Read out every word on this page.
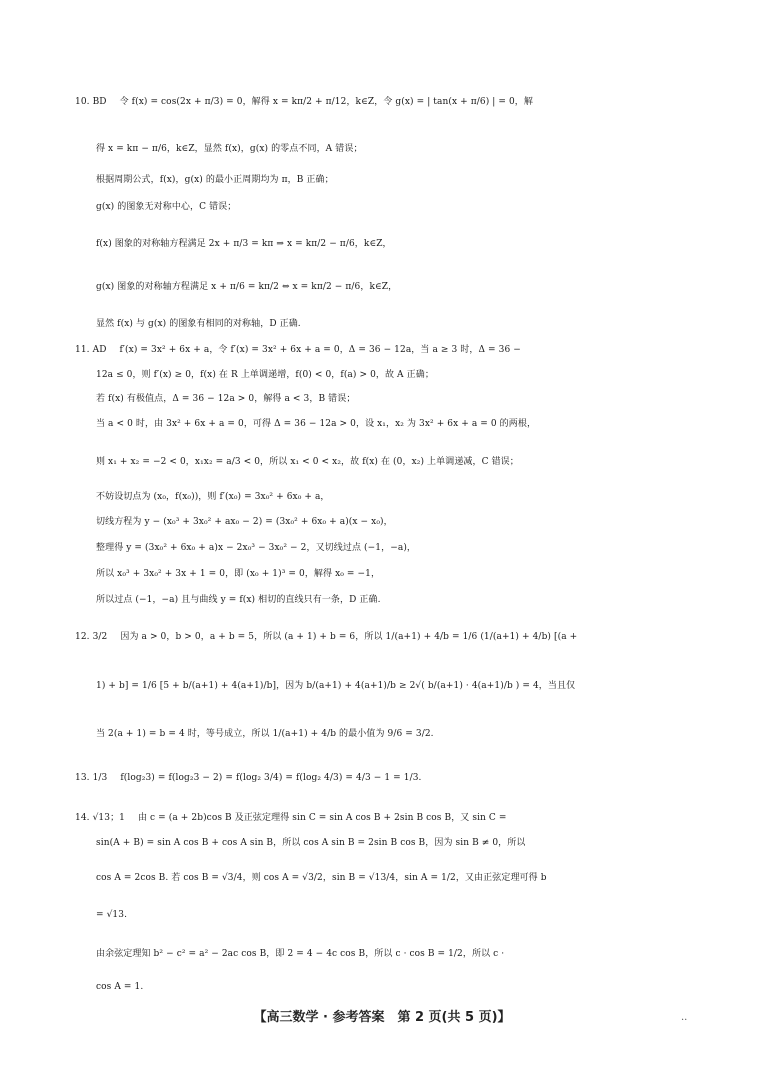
10. BD 令 f(x) = cos(2x + π/3) = 0，解得 x = kπ/2 + π/12，k∈Z，令 g(x) = | tan(x + π/6) | = 0，解
得 x = kπ − π/6，k∈Z，显然 f(x)，g(x) 的零点不同，A 错误；
根据周期公式，f(x)，g(x) 的最小正周期均为 π，B 正确；
g(x) 的图象无对称中心，C 错误；
f(x) 图象的对称轴方程满足 2x + π/3 = kπ ⇒ x = kπ/2 − π/6，k∈Z，
g(x) 图象的对称轴方程满足 x + π/6 = kπ/2 ⇔ x = kπ/2 − π/6，k∈Z，
显然 f(x) 与 g(x) 的图象有相同的对称轴，D 正确.
11. AD f′(x) = 3x² + 6x + a，令 f′(x) = 3x² + 6x + a = 0，Δ = 36 − 12a，当 a ≥ 3 时，Δ = 36 −
12a ≤ 0，则 f′(x) ≥ 0，f(x) 在 R 上单调递增，f(0) < 0，f(a) > 0，故 A 正确；
若 f(x) 有极值点，Δ = 36 − 12a > 0，解得 a < 3，B 错误；
当 a < 0 时，由 3x² + 6x + a = 0，可得 Δ = 36 − 12a > 0，设 x₁，x₂ 为 3x² + 6x + a = 0 的两根，
则 x₁ + x₂ = −2 < 0，x₁x₂ = a/3 < 0，所以 x₁ < 0 < x₂，故 f(x) 在 (0，x₂) 上单调递减，C 错误；
不妨设切点为 (x₀，f(x₀))，则 f′(x₀) = 3x₀² + 6x₀ + a，
切线方程为 y − (x₀³ + 3x₀² + ax₀ − 2) = (3x₀² + 6x₀ + a)(x − x₀)，
整理得 y = (3x₀² + 6x₀ + a)x − 2x₀³ − 3x₀² − 2，又切线过点 (−1，−a)，
所以 x₀³ + 3x₀² + 3x + 1 = 0，即 (x₀ + 1)³ = 0，解得 x₀ = −1，
所以过点 (−1，−a) 且与曲线 y = f(x) 相切的直线只有一条，D 正确.
12. 3/2 因为 a > 0，b > 0，a + b = 5，所以 (a + 1) + b = 6，所以 1/(a+1) + 4/b = 1/6 (1/(a+1) + 4/b) [(a +
1) + b] = 1/6 [5 + b/(a+1) + 4(a+1)/b]，因为 b/(a+1) + 4(a+1)/b ≥ 2√( b/(a+1) · 4(a+1)/b ) = 4，当且仅
当 2(a + 1) = b = 4 时，等号成立，所以 1/(a+1) + 4/b 的最小值为 9/6 = 3/2.
13. 1/3 f(log₂3) = f(log₂3 − 2) = f(log₂ 3/4) = f(log₂ 4/3) = 4/3 − 1 = 1/3.
14. √13；1 由 c = (a + 2b)cos B 及正弦定理得 sin C = sin A cos B + 2sin B cos B，又 sin C =
sin(A + B) = sin A cos B + cos A sin B，所以 cos A sin B = 2sin B cos B，因为 sin B ≠ 0，所以
cos A = 2cos B. 若 cos B = √3/4，则 cos A = √3/2，sin B = √13/4，sin A = 1/2，又由正弦定理可得 b
= √13.
由余弦定理知 b² − c² = a² − 2ac cos B，即 2 = 4 − 4c cos B，所以 c · cos B = 1/2，所以 c ·
cos A = 1.
【高三数学 · 参考答案　第 2 页(共 5 页)】	..
